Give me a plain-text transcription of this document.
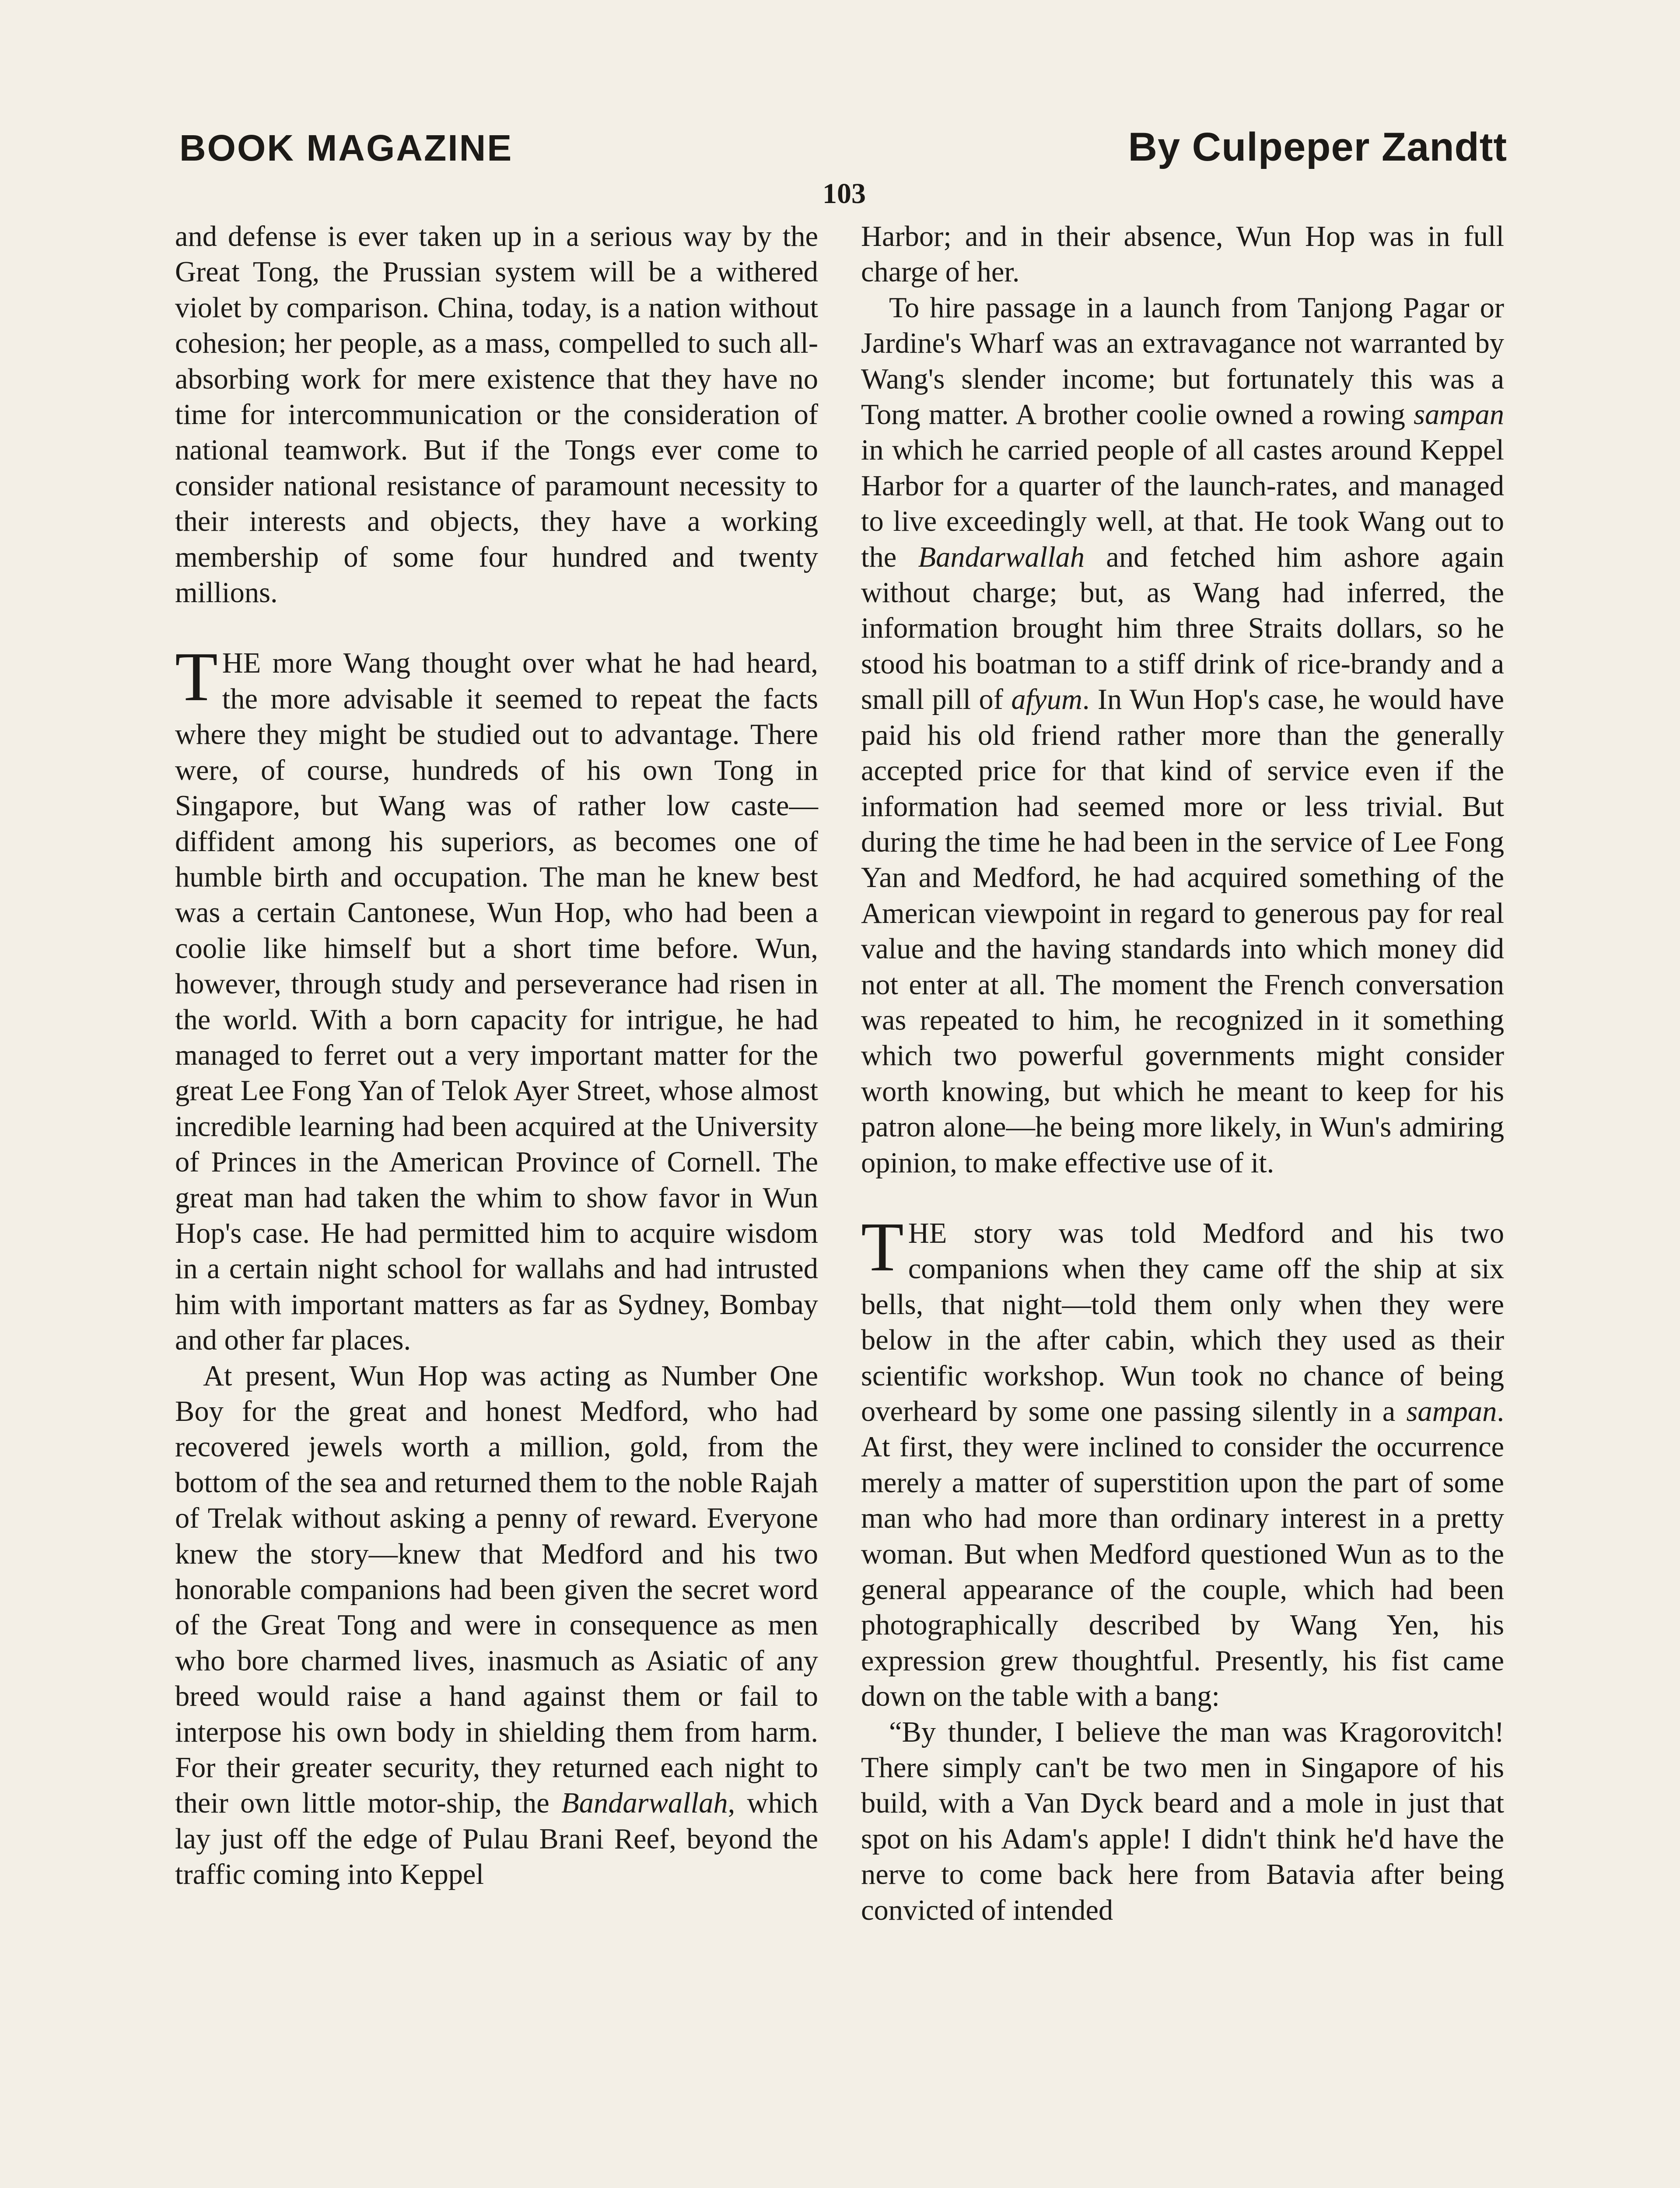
BOOK MAGAZINE	By Culpeper Zandtt
103

and defense is ever taken up in a serious way by the Great Tong, the Prussian system will be a withered violet by comparison. China, today, is a nation without cohesion; her people, as a mass, compelled to such all-absorbing work for mere existence that they have no time for intercommunication or the consideration of national teamwork. But if the Tongs ever come to consider national resistance of paramount necessity to their interests and objects, they have a working membership of some four hundred and twenty millions.

THE more Wang thought over what he had heard, the more advisable it seemed to repeat the facts where they might be studied out to advantage. There were, of course, hundreds of his own Tong in Singapore, but Wang was of rather low caste—diffident among his superiors, as becomes one of humble birth and occupation. The man he knew best was a certain Cantonese, Wun Hop, who had been a coolie like himself but a short time before. Wun, however, through study and perseverance had risen in the world. With a born capacity for intrigue, he had managed to ferret out a very important matter for the great Lee Fong Yan of Telok Ayer Street, whose almost incredible learning had been acquired at the University of Princes in the American Province of Cornell. The great man had taken the whim to show favor in Wun Hop's case. He had permitted him to acquire wisdom in a certain night school for wallahs and had intrusted him with important matters as far as Sydney, Bombay and other far places.

At present, Wun Hop was acting as Number One Boy for the great and honest Medford, who had recovered jewels worth a million, gold, from the bottom of the sea and returned them to the noble Rajah of Trelak without asking a penny of reward. Everyone knew the story—knew that Medford and his two honorable companions had been given the secret word of the Great Tong and were in consequence as men who bore charmed lives, inasmuch as Asiatic of any breed would raise a hand against them or fail to interpose his own body in shielding them from harm. For their greater security, they returned each night to their own little motor-ship, the Bandarwallah, which lay just off the edge of Pulau Brani Reef, beyond the traffic coming into Keppel

Harbor; and in their absence, Wun Hop was in full charge of her.

To hire passage in a launch from Tanjong Pagar or Jardine's Wharf was an extravagance not warranted by Wang's slender income; but fortunately this was a Tong matter. A brother coolie owned a rowing sampan in which he carried people of all castes around Keppel Harbor for a quarter of the launch-rates, and managed to live exceedingly well, at that. He took Wang out to the Bandarwallah and fetched him ashore again without charge; but, as Wang had inferred, the information brought him three Straits dollars, so he stood his boatman to a stiff drink of rice-brandy and a small pill of afyum. In Wun Hop's case, he would have paid his old friend rather more than the generally accepted price for that kind of service even if the information had seemed more or less trivial. But during the time he had been in the service of Lee Fong Yan and Medford, he had acquired something of the American viewpoint in regard to generous pay for real value and the having standards into which money did not enter at all. The moment the French conversation was repeated to him, he recognized in it something which two powerful governments might consider worth knowing, but which he meant to keep for his patron alone—he being more likely, in Wun's admiring opinion, to make effective use of it.

THE story was told Medford and his two companions when they came off the ship at six bells, that night—told them only when they were below in the after cabin, which they used as their scientific workshop. Wun took no chance of being overheard by some one passing silently in a sampan. At first, they were inclined to consider the occurrence merely a matter of superstition upon the part of some man who had more than ordinary interest in a pretty woman. But when Medford questioned Wun as to the general appearance of the couple, which had been photographically described by Wang Yen, his expression grew thoughtful. Presently, his fist came down on the table with a bang:

“By thunder, I believe the man was Kragorovitch! There simply can't be two men in Singapore of his build, with a Van Dyck beard and a mole in just that spot on his Adam's apple! I didn't think he'd have the nerve to come back here from Batavia after being convicted of intended
